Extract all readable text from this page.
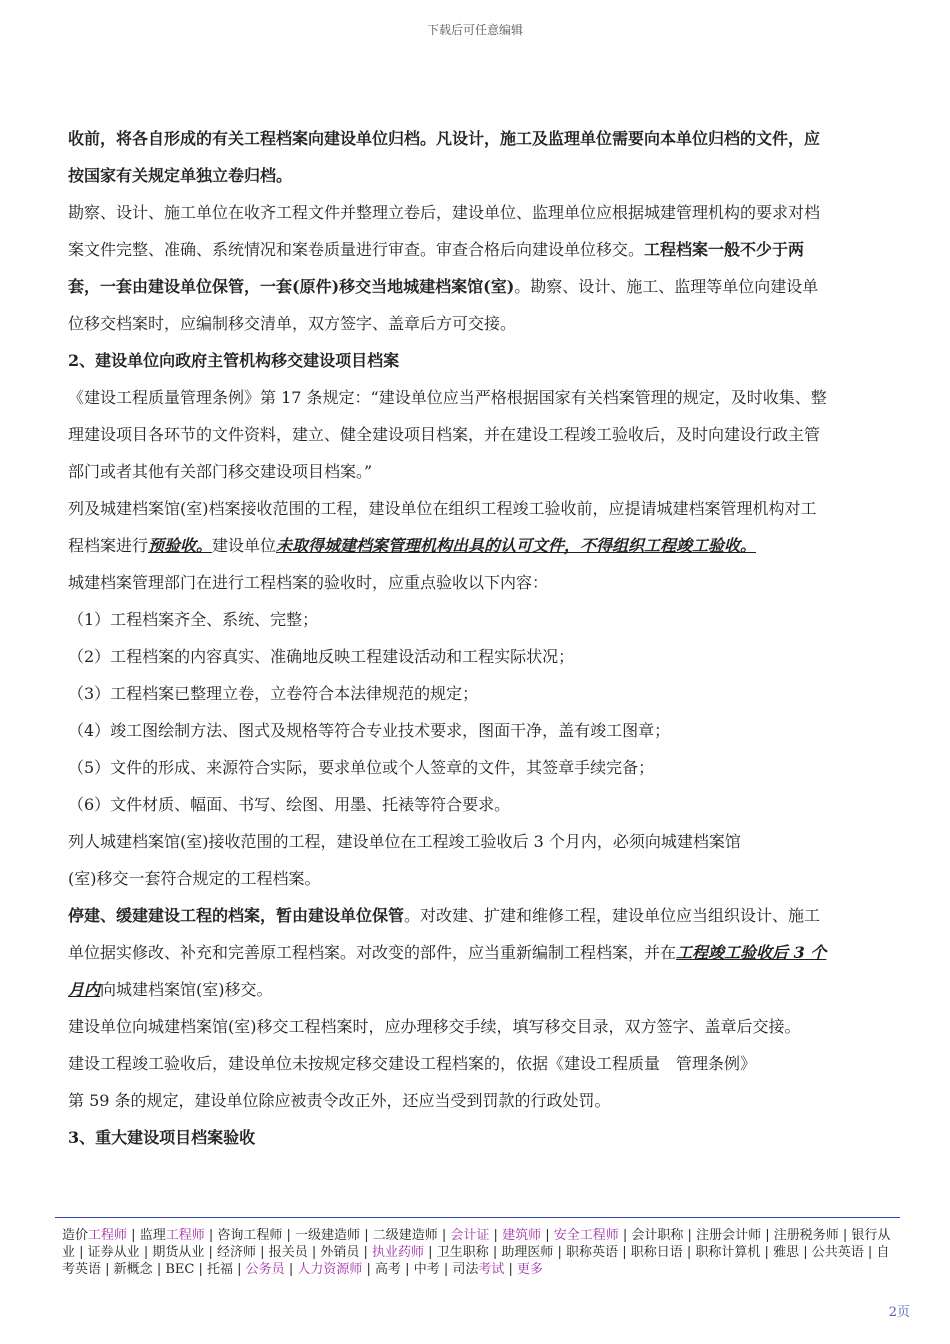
下载后可任意编辑

收前，将各自形成的有关工程档案向建设单位归档。凡设计，施工及监理单位需要向本单位归档的文件，应按国家有关规定单独立卷归档。

勘察、设计、施工单位在收齐工程文件并整理立卷后，建设单位、监理单位应根据城建管理机构的要求对档案文件完整、准确、系统情况和案卷质量进行审查。审查合格后向建设单位移交。工程档案一般不少于两套，一套由建设单位保管，一套(原件)移交当地城建档案馆(室)。勘察、设计、施工、监理等单位向建设单位移交档案时，应编制移交清单，双方签字、盖章后方可交接。

2、建设单位向政府主管机构移交建设项目档案

《建设工程质量管理条例》第 17 条规定：“建设单位应当严格根据国家有关档案管理的规定，及时收集、整理建设项目各环节的文件资料，建立、健全建设项目档案，并在建设工程竣工验收后，及时向建设行政主管部门或者其他有关部门移交建设项目档案。”

列及城建档案馆(室)档案接收范围的工程，建设单位在组织工程竣工验收前，应提请城建档案管理机构对工程档案进行预验收。建设单位未取得城建档案管理机构出具的认可文件，不得组织工程竣工验收。

城建档案管理部门在进行工程档案的验收时，应重点验收以下内容：

（1）工程档案齐全、系统、完整；

（2）工程档案的内容真实、准确地反映工程建设活动和工程实际状况；

（3）工程档案已整理立卷，立卷符合本法律规范的规定；

（4）竣工图绘制方法、图式及规格等符合专业技术要求，图面干净，盖有竣工图章；

（5）文件的形成、来源符合实际，要求单位或个人签章的文件，其签章手续完备；

（6）文件材质、幅面、书写、绘图、用墨、托裱等符合要求。

列人城建档案馆(室)接收范围的工程，建设单位在工程竣工验收后 3 个月内，必须向城建档案馆

(室)移交一套符合规定的工程档案。

停建、缓建建设工程的档案，暂由建设单位保管。对改建、扩建和维修工程，建设单位应当组织设计、施工单位据实修改、补充和完善原工程档案。对改变的部件，应当重新编制工程档案，并在工程竣工验收后 3 个月内向城建档案馆(室)移交。

建设单位向城建档案馆(室)移交工程档案时，应办理移交手续，填写移交目录，双方签字、盖章后交接。

建设工程竣工验收后，建设单位未按规定移交建设工程档案的，依据《建设工程质量　管理条例》

第 59 条的规定，建设单位除应被责令改正外，还应当受到罚款的行政处罚。

3、重大建设项目档案验收

造价工程师 | 监理工程师 | 咨询工程师 | 一级建造师 | 二级建造师 | 会计证 | 建筑师 | 安全工程师 | 会计职称 | 注册会计师 | 注册税务师 | 银行从业 | 证券从业 | 期货从业 | 经济师 | 报关员 | 外销员 | 执业药师 | 卫生职称 | 助理医师 | 职称英语 | 职称日语 | 职称计算机 | 雅思 | 公共英语 | 自考英语 | 新概念 | BEC | 托福 | 公务员 | 人力资源师 | 高考 | 中考 | 司法考试 | 更多
2页
